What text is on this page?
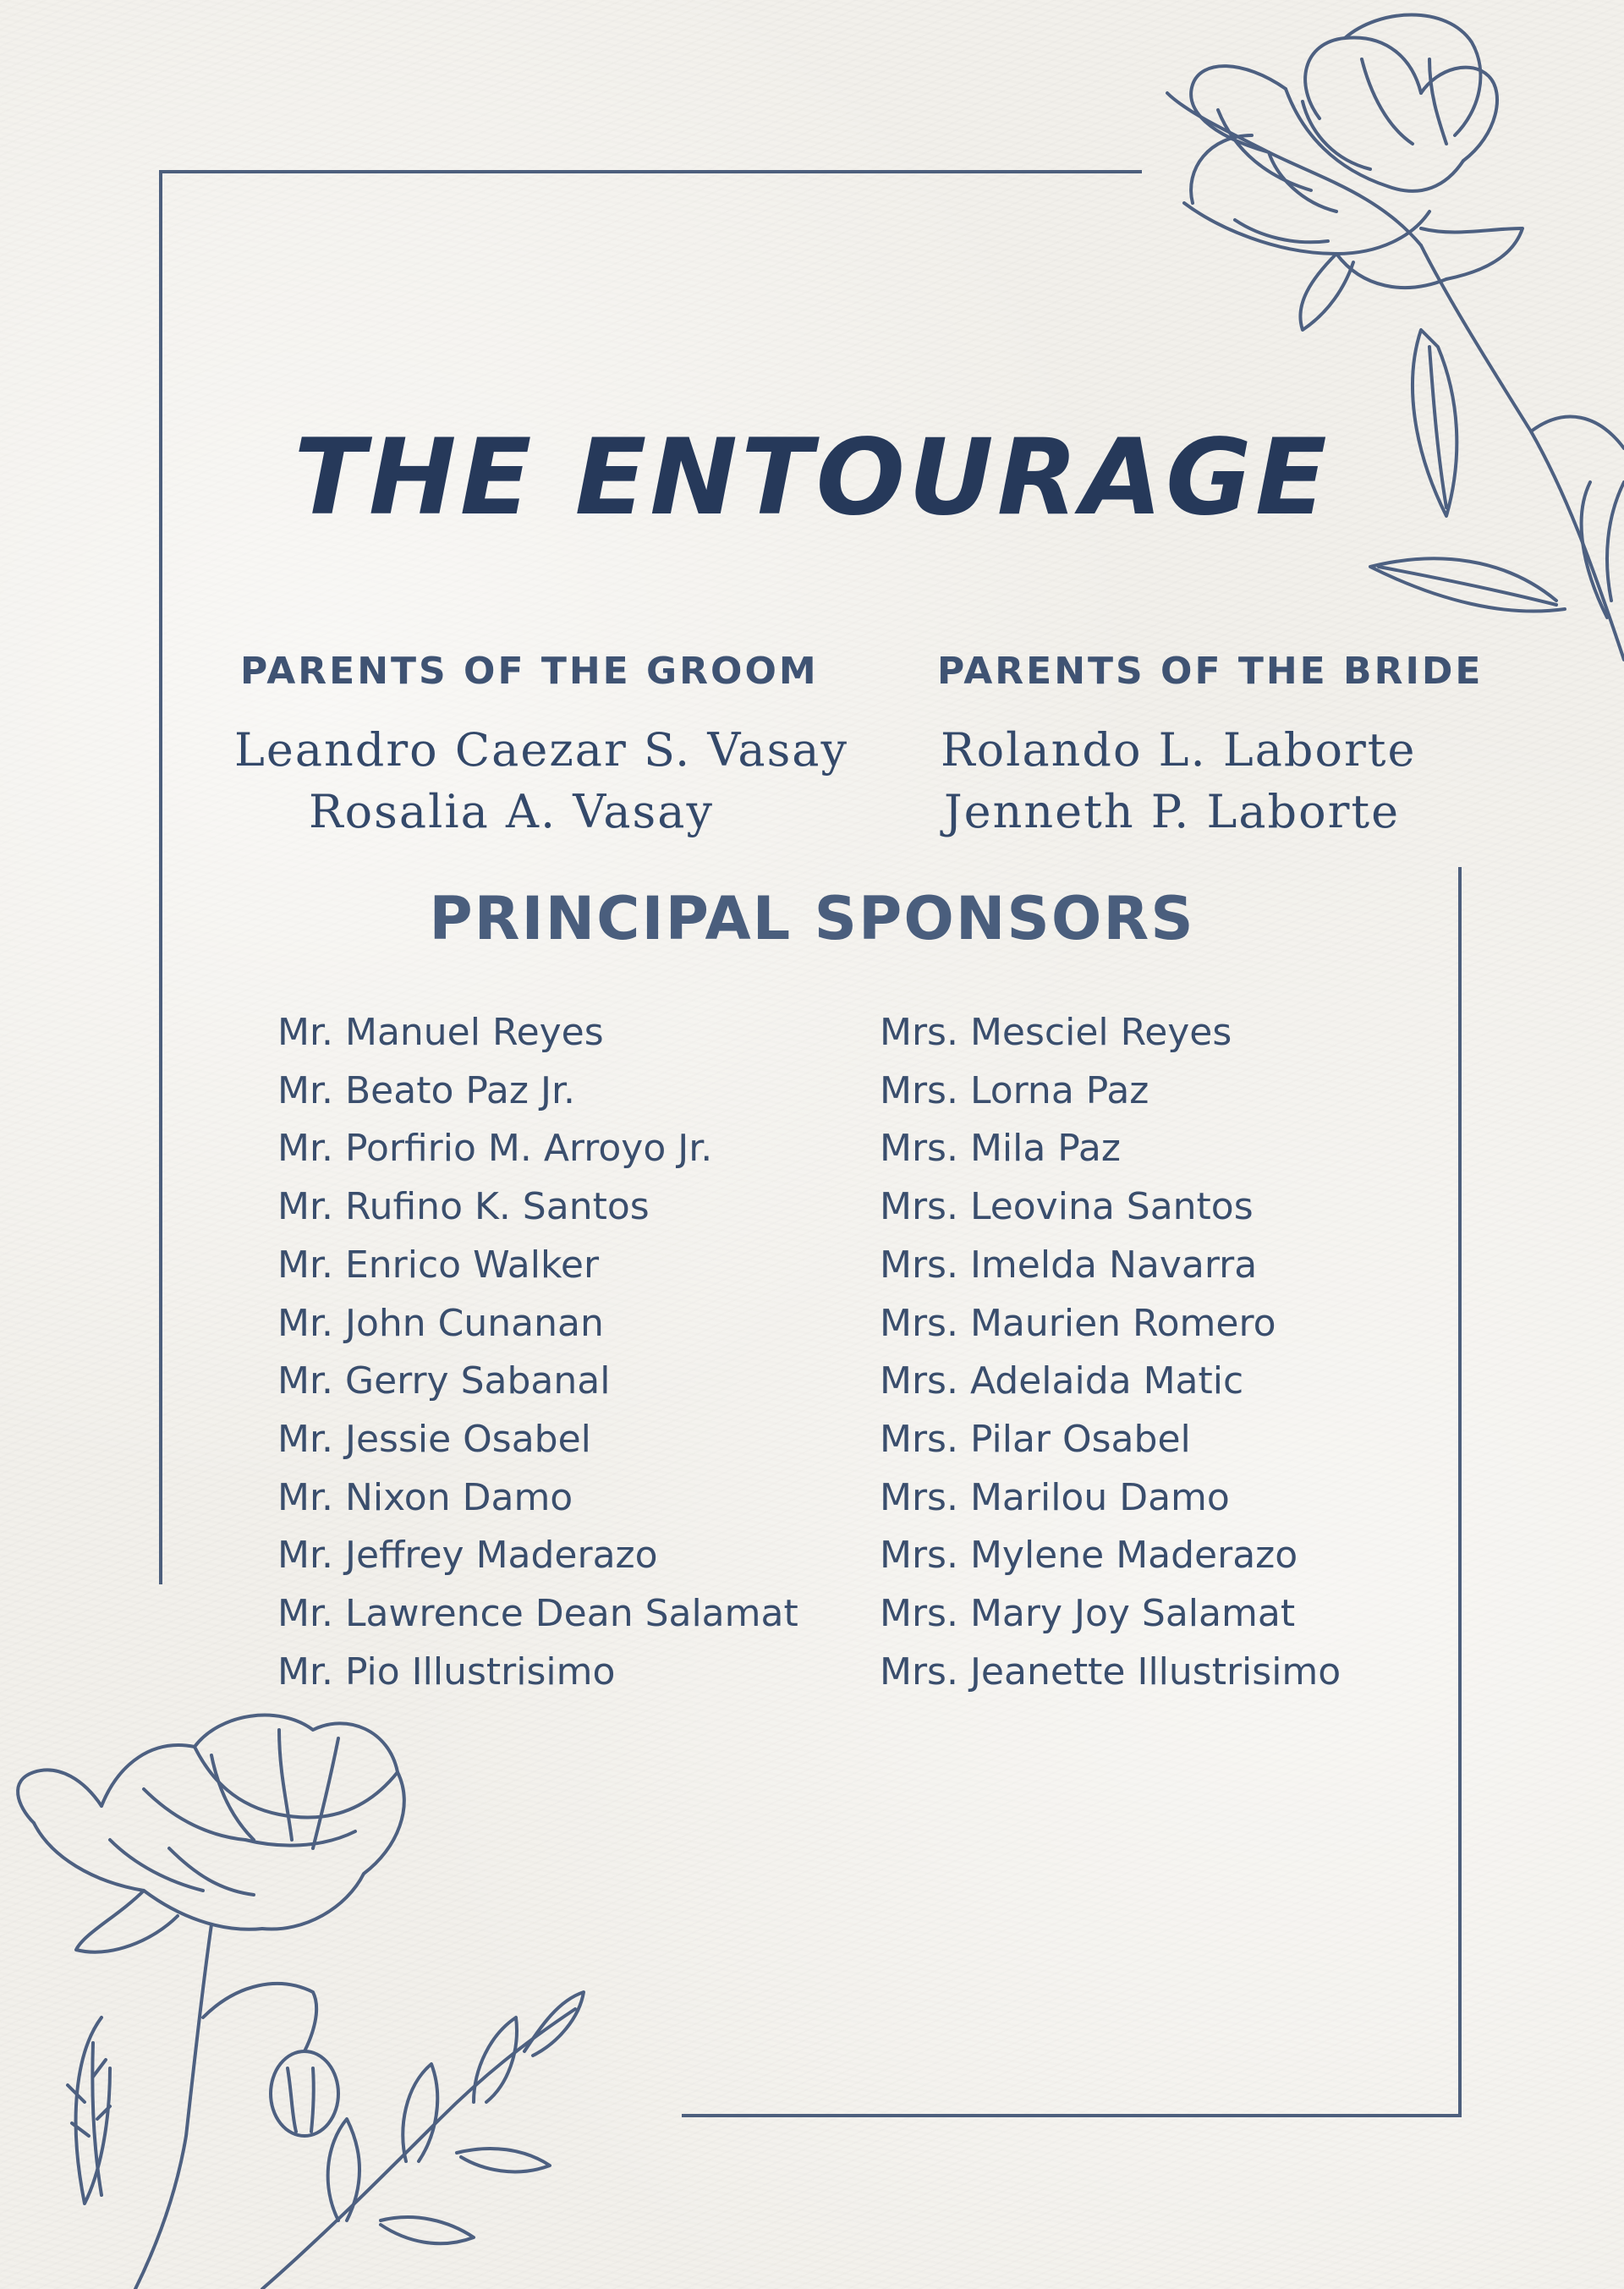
THE ENTOURAGE
PARENTS OF THE GROOM
Leandro Caezar S. Vasay
Rosalia A. Vasay
PARENTS OF THE BRIDE
Rolando L. Laborte
Jenneth P. Laborte
PRINCIPAL SPONSORS
Mr. Manuel Reyes
Mr. Beato Paz Jr.
Mr. Porfirio M. Arroyo Jr.
Mr. Rufino K. Santos
Mr. Enrico Walker
Mr. John Cunanan
Mr. Gerry Sabanal
Mr. Jessie Osabel
Mr. Nixon Damo
Mr. Jeffrey Maderazo
Mr. Lawrence Dean Salamat
Mr. Pio Illustrisimo
Mrs. Mesciel Reyes
Mrs. Lorna Paz
Mrs. Mila Paz
Mrs. Leovina Santos
Mrs. Imelda Navarra
Mrs. Maurien Romero
Mrs. Adelaida Matic
Mrs. Pilar Osabel
Mrs. Marilou Damo
Mrs. Mylene Maderazo
Mrs. Mary Joy Salamat
Mrs. Jeanette Illustrisimo
